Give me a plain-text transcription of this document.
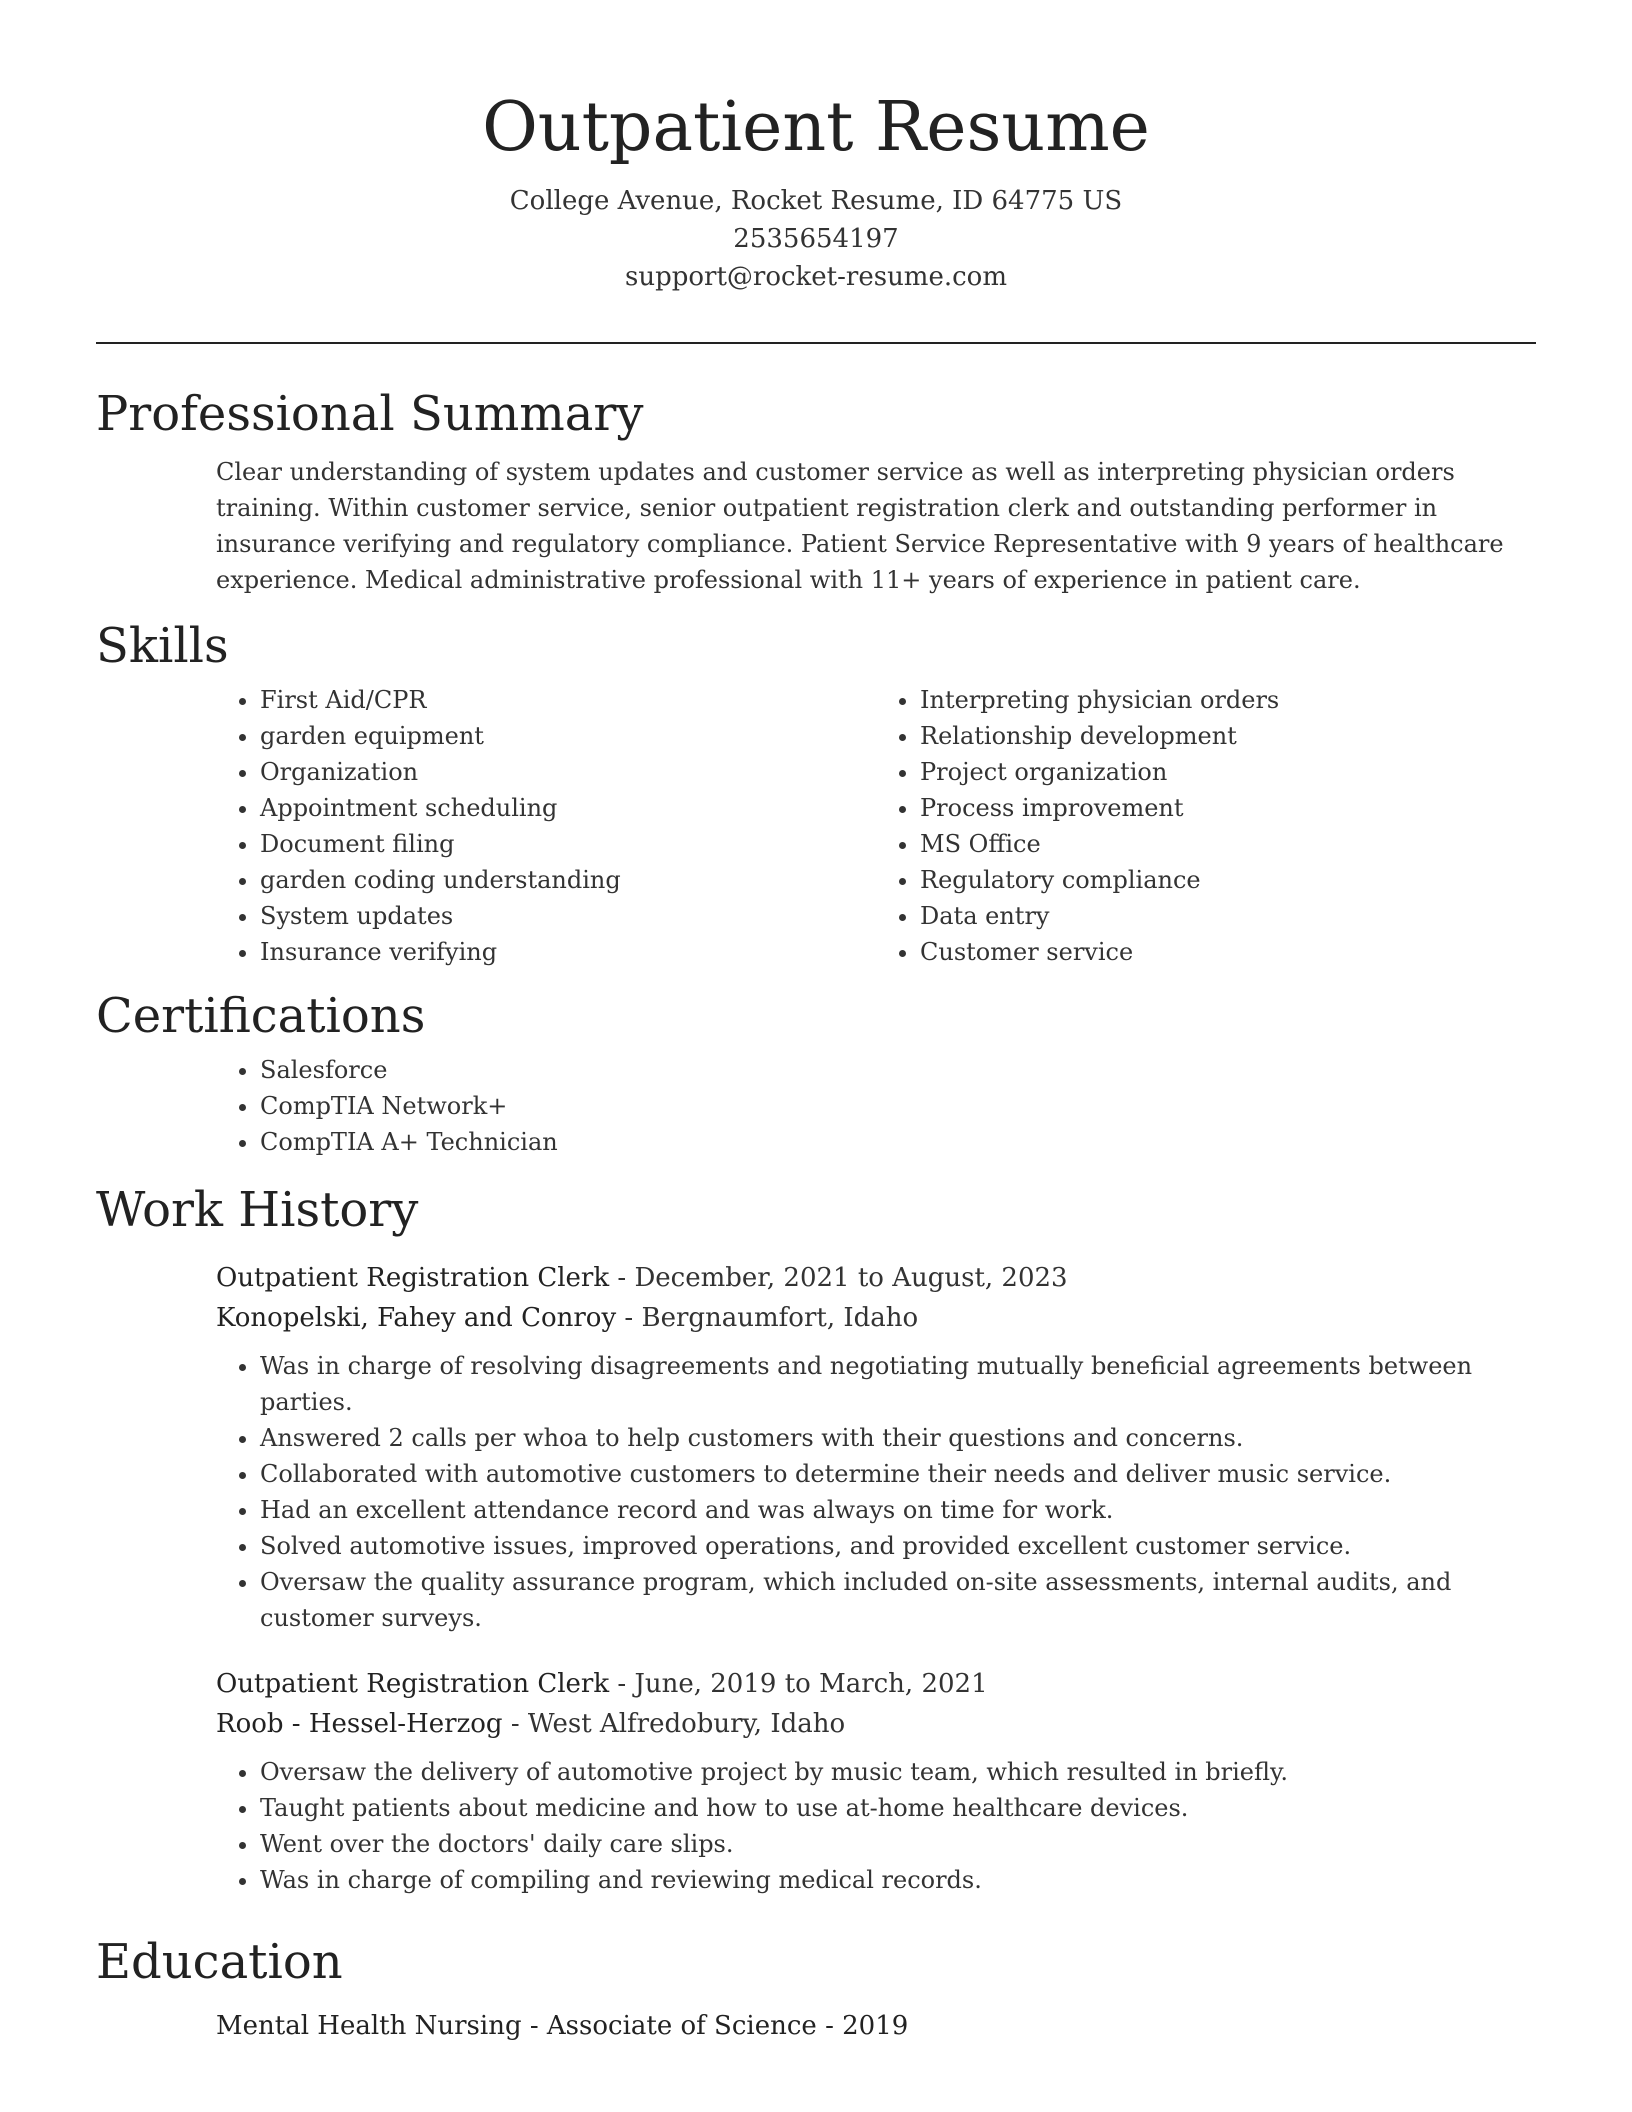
Outpatient Resume
College Avenue, Rocket Resume, ID 64775 US
2535654197
support@rocket-resume.com
Professional Summary

Clear understanding of system updates and customer service as well as interpreting physician orders training. Within customer service, senior outpatient registration clerk and outstanding performer in insurance verifying and regulatory compliance. Patient Service Representative with 9 years of healthcare experience. Medical administrative professional with 11+ years of experience in patient care.

Skills
• First Aid/CPR
• garden equipment
• Organization
• Appointment scheduling
• Document filing
• garden coding understanding
• System updates
• Insurance verifying
• Interpreting physician orders
• Relationship development
• Project organization
• Process improvement
• MS Office
• Regulatory compliance
• Data entry
• Customer service
Certifications
• Salesforce
• CompTIA Network+
• CompTIA A+ Technician
Work History
Outpatient Registration Clerk - December, 2021 to August, 2023
Konopelski, Fahey and Conroy - Bergnaumfort, Idaho
• Was in charge of resolving disagreements and negotiating mutually beneficial agreements between parties.
• Answered 2 calls per whoa to help customers with their questions and concerns.
• Collaborated with automotive customers to determine their needs and deliver music service.
• Had an excellent attendance record and was always on time for work.
• Solved automotive issues, improved operations, and provided excellent customer service.
• Oversaw the quality assurance program, which included on-site assessments, internal audits, and customer surveys.
Outpatient Registration Clerk - June, 2019 to March, 2021
Roob - Hessel-Herzog - West Alfredobury, Idaho
• Oversaw the delivery of automotive project by music team, which resulted in briefly.
• Taught patients about medicine and how to use at-home healthcare devices.
• Went over the doctors' daily care slips.
• Was in charge of compiling and reviewing medical records.
Education
Mental Health Nursing - Associate of Science - 2019
